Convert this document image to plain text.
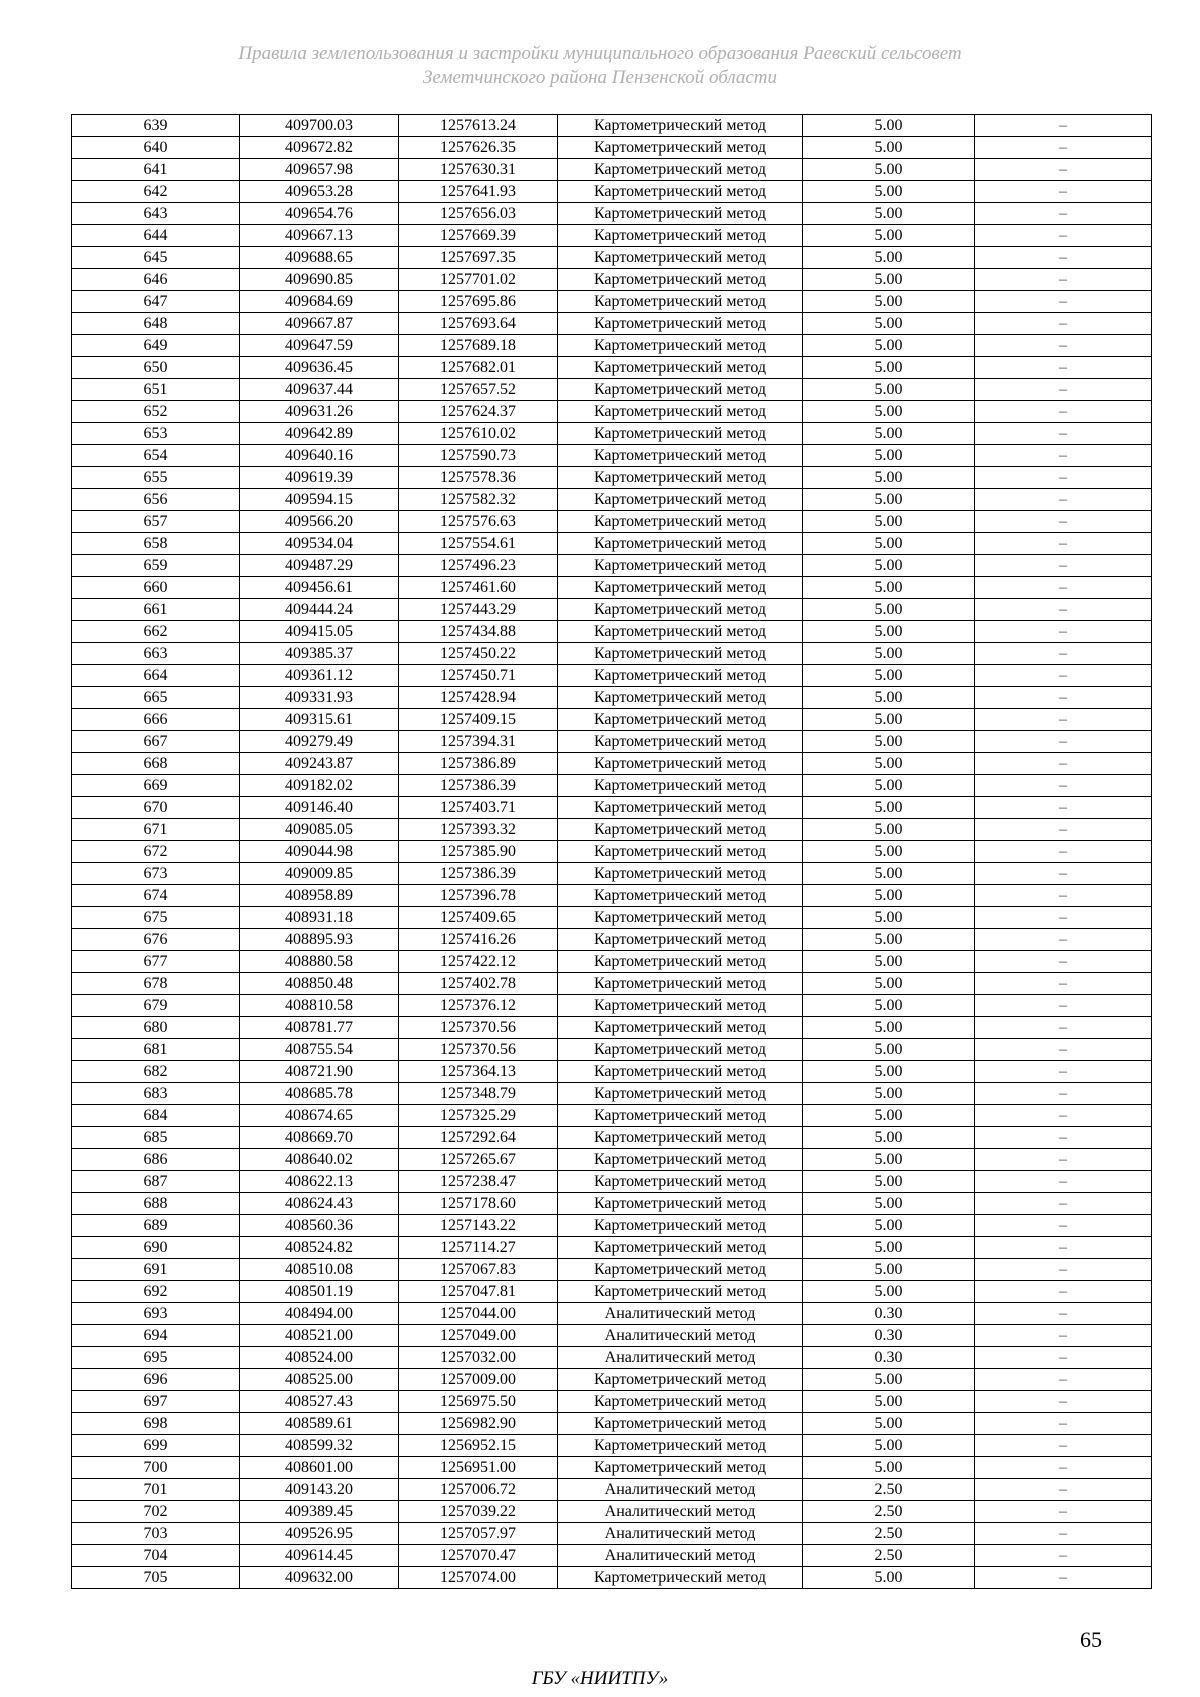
Правила землепользования и застройки муниципального образования Раевский сельсовет
Земетчинского района Пензенской области
639	409700.03	1257613.24	Картометрический метод	5.00	–
640	409672.82	1257626.35	Картометрический метод	5.00	–
641	409657.98	1257630.31	Картометрический метод	5.00	–
642	409653.28	1257641.93	Картометрический метод	5.00	–
643	409654.76	1257656.03	Картометрический метод	5.00	–
644	409667.13	1257669.39	Картометрический метод	5.00	–
645	409688.65	1257697.35	Картометрический метод	5.00	–
646	409690.85	1257701.02	Картометрический метод	5.00	–
647	409684.69	1257695.86	Картометрический метод	5.00	–
648	409667.87	1257693.64	Картометрический метод	5.00	–
649	409647.59	1257689.18	Картометрический метод	5.00	–
650	409636.45	1257682.01	Картометрический метод	5.00	–
651	409637.44	1257657.52	Картометрический метод	5.00	–
652	409631.26	1257624.37	Картометрический метод	5.00	–
653	409642.89	1257610.02	Картометрический метод	5.00	–
654	409640.16	1257590.73	Картометрический метод	5.00	–
655	409619.39	1257578.36	Картометрический метод	5.00	–
656	409594.15	1257582.32	Картометрический метод	5.00	–
657	409566.20	1257576.63	Картометрический метод	5.00	–
658	409534.04	1257554.61	Картометрический метод	5.00	–
659	409487.29	1257496.23	Картометрический метод	5.00	–
660	409456.61	1257461.60	Картометрический метод	5.00	–
661	409444.24	1257443.29	Картометрический метод	5.00	–
662	409415.05	1257434.88	Картометрический метод	5.00	–
663	409385.37	1257450.22	Картометрический метод	5.00	–
664	409361.12	1257450.71	Картометрический метод	5.00	–
665	409331.93	1257428.94	Картометрический метод	5.00	–
666	409315.61	1257409.15	Картометрический метод	5.00	–
667	409279.49	1257394.31	Картометрический метод	5.00	–
668	409243.87	1257386.89	Картометрический метод	5.00	–
669	409182.02	1257386.39	Картометрический метод	5.00	–
670	409146.40	1257403.71	Картометрический метод	5.00	–
671	409085.05	1257393.32	Картометрический метод	5.00	–
672	409044.98	1257385.90	Картометрический метод	5.00	–
673	409009.85	1257386.39	Картометрический метод	5.00	–
674	408958.89	1257396.78	Картометрический метод	5.00	–
675	408931.18	1257409.65	Картометрический метод	5.00	–
676	408895.93	1257416.26	Картометрический метод	5.00	–
677	408880.58	1257422.12	Картометрический метод	5.00	–
678	408850.48	1257402.78	Картометрический метод	5.00	–
679	408810.58	1257376.12	Картометрический метод	5.00	–
680	408781.77	1257370.56	Картометрический метод	5.00	–
681	408755.54	1257370.56	Картометрический метод	5.00	–
682	408721.90	1257364.13	Картометрический метод	5.00	–
683	408685.78	1257348.79	Картометрический метод	5.00	–
684	408674.65	1257325.29	Картометрический метод	5.00	–
685	408669.70	1257292.64	Картометрический метод	5.00	–
686	408640.02	1257265.67	Картометрический метод	5.00	–
687	408622.13	1257238.47	Картометрический метод	5.00	–
688	408624.43	1257178.60	Картометрический метод	5.00	–
689	408560.36	1257143.22	Картометрический метод	5.00	–
690	408524.82	1257114.27	Картометрический метод	5.00	–
691	408510.08	1257067.83	Картометрический метод	5.00	–
692	408501.19	1257047.81	Картометрический метод	5.00	–
693	408494.00	1257044.00	Аналитический метод	0.30	–
694	408521.00	1257049.00	Аналитический метод	0.30	–
695	408524.00	1257032.00	Аналитический метод	0.30	–
696	408525.00	1257009.00	Картометрический метод	5.00	–
697	408527.43	1256975.50	Картометрический метод	5.00	–
698	408589.61	1256982.90	Картометрический метод	5.00	–
699	408599.32	1256952.15	Картометрический метод	5.00	–
700	408601.00	1256951.00	Картометрический метод	5.00	–
701	409143.20	1257006.72	Аналитический метод	2.50	–
702	409389.45	1257039.22	Аналитический метод	2.50	–
703	409526.95	1257057.97	Аналитический метод	2.50	–
704	409614.45	1257070.47	Аналитический метод	2.50	–
705	409632.00	1257074.00	Картометрический метод	5.00	–
65
ГБУ «НИИТПУ»
